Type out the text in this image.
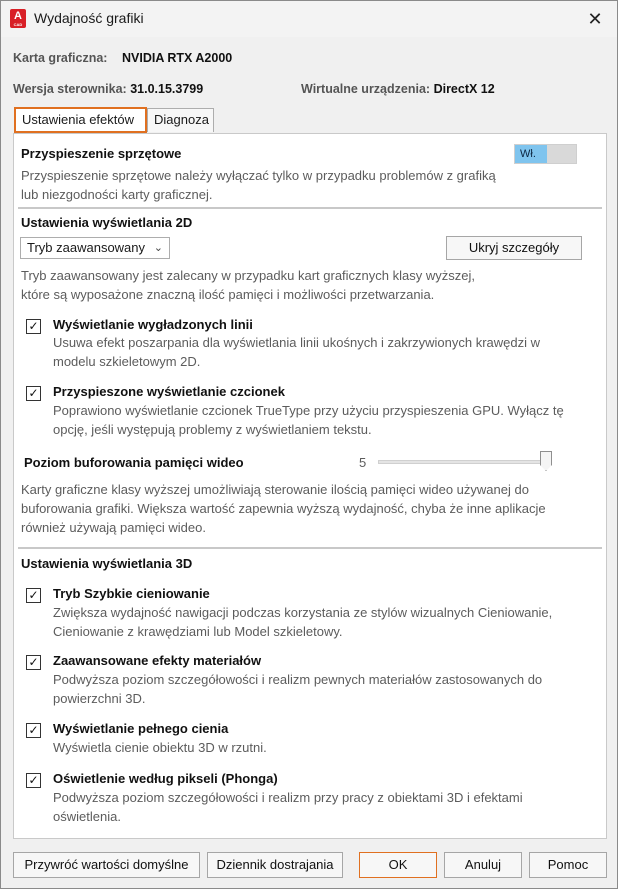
A
CAD Wydajność grafiki	✕
Karta graficzna: NVIDIA RTX A2000
Wersja sterownika: 31.0.15.3799	Wirtualne urządzenia: DirectX 12
Ustawienia efektów	Diagnoza
Przyspieszenie sprzętowe	Wł.
Przyspieszenie sprzętowe należy wyłączać tylko w przypadku problemów z grafiką
lub niezgodności karty graficznej.
Ustawienia wyświetlania 2D
Tryb zaawansowany ⌄	Ukryj szczegóły
Tryb zaawansowany jest zalecany w przypadku kart graficznych klasy wyższej,
które są wyposażone znaczną ilość pamięci i możliwości przetwarzania.
✓ Wyświetlanie wygładzonych linii
Usuwa efekt poszarpania dla wyświetlania linii ukośnych i zakrzywionych krawędzi w
modelu szkieletowym 2D.
✓ Przyspieszone wyświetlanie czcionek
Poprawiono wyświetlanie czcionek TrueType przy użyciu przyspieszenia GPU. Wyłącz tę
opcję, jeśli występują problemy z wyświetlaniem tekstu.
Poziom buforowania pamięci wideo	5
Karty graficzne klasy wyższej umożliwiają sterowanie ilością pamięci wideo używanej do
buforowania grafiki. Większa wartość zapewnia wyższą wydajność, chyba że inne aplikacje
również używają pamięci wideo.
Ustawienia wyświetlania 3D
✓ Tryb Szybkie cieniowanie
Zwiększa wydajność nawigacji podczas korzystania ze stylów wizualnych Cieniowanie,
Cieniowanie z krawędziami lub Model szkieletowy.
✓ Zaawansowane efekty materiałów
Podwyższa poziom szczegółowości i realizm pewnych materiałów zastosowanych do
powierzchni 3D.
✓ Wyświetlanie pełnego cienia
Wyświetla cienie obiektu 3D w rzutni.
✓ Oświetlenie według pikseli (Phonga)
Podwyższa poziom szczegółowości i realizm przy pracy z obiektami 3D i efektami
oświetlenia.
Przywróć wartości domyślne	Dziennik dostrajania	OK	Anuluj	Pomoc
